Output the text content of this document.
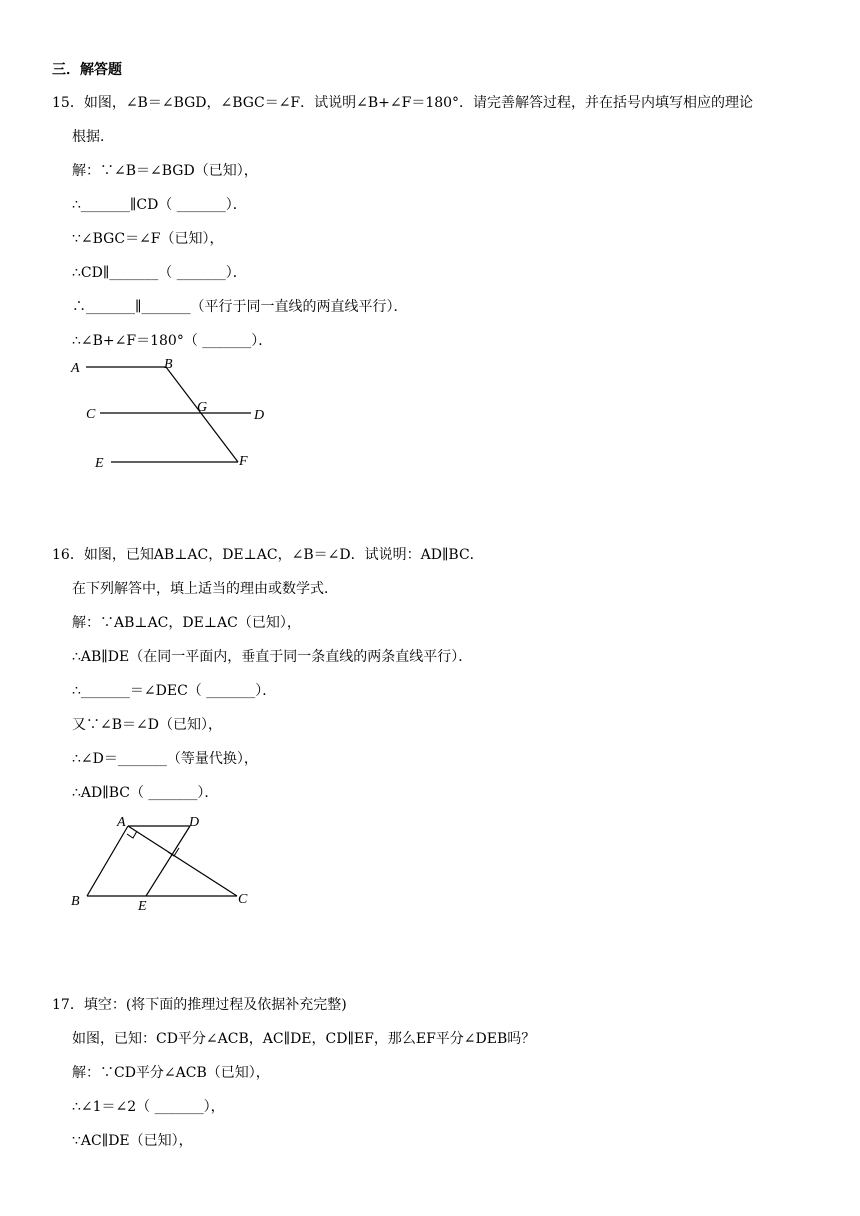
三．解答题
15．如图，∠B＝∠BGD，∠BGC＝∠F．试说明∠B+∠F＝180°．请完善解答过程，并在括号内填写相应的理论
根据．
解：∵∠B＝∠BGD（已知），
∴_______∥CD（ _______）．
∵∠BGC＝∠F（已知），
∴CD∥_______（ _______）．
∴_______∥_______（平行于同一直线的两直线平行）．
∴∠B+∠F＝180°（ _______）．
A	B
C	G
D
E	F
16．如图，已知AB⊥AC，DE⊥AC，∠B＝∠D．试说明：AD∥BC．
在下列解答中，填上适当的理由或数学式．
解：∵AB⊥AC，DE⊥AC（已知），
∴AB∥DE（在同一平面内，垂直于同一条直线的两条直线平行）．
∴_______＝∠DEC（ _______）．
又∵∠B＝∠D（已知），
∴∠D＝_______（等量代换），
∴AD∥BC（ _______）．
A	D
B	E	C
17．填空：(将下面的推理过程及依据补充完整)
如图，已知：CD平分∠ACB，AC∥DE，CD∥EF，那么EF平分∠DEB吗？
解：∵CD平分∠ACB（已知），
∴∠1＝∠2（ _______），
∵AC∥DE（已知），
